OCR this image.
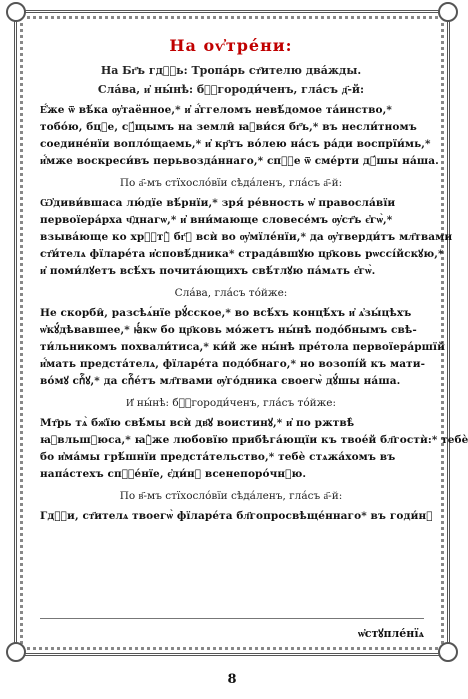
На оѵ҆тре́ни:
На Бг҃ъ гдⷭ҇ь: Тропа́рь ст҃ителю два́жды.
Сла́ва, и҆ ны́нѣ: бⷪ҇городи́ченъ, гла́съ д҃-й:
Е҆́же ѿ вѣ́ка ѹ҆таённое,* и҆ а҆́ггеломъ невѣ́домое та́инство,*
тобо́ю, бцⷣе, сꙋ́щымъ на земли̑ ꙗ҆ви́ся бг҃ъ,* въ несли́тномъ
соедине́нїи вопло́щаемь,* и҆ кр҃тъ во́лею на́съ ра́ди воспрїи́мь,*
и҆́мже воскреси́въ перьвозда́ннаго,* спⷭ҇е ѿ сме́рти дꙋ́шы на́ша.
По а҃-мъ стїхосло́вїи сѣда́ленъ, гла́съ а҃-й:
Ѡ҆диви́вшаса лю́дїе вѣ́рнїи,* зря́ ре́вность ѡ҆ правосла́вїи
первоїера́рха ч҃днагѡ,* и҆ вни́мающе словесе́мъ ѹ҆ст҃ъ є҆гѡ̀,*
взыва́юще ко хрⷭ҇тꙋ̀ бг҃ꙋ всѝ во ѹ҆мїле́нїи,* да ѹ҆тверди́тъ мл҃твами
ст҃и́телѧ фїларе́та и҆сповѣ́дника* страда́вшꙋю цр҃ковь рѡссі́йскꙋю,*
и҆ поми́лꙋетъ всѣ́хъ почита́ющихъ свѣ́тлꙋю па́мѧть є҆гѡ̀.
Сла́ва, гла́съ то́йже:
Не скорби̑, разсѣѧ́нїе рꙋ́сское,* во всѣ́хъ концѣ́хъ и҆ ѧ҆зы́цѣхъ
ѡ҆кꙋ́дѣвавшее,* ꙗ҆́кѡ бо цр҃ковь мо́жетъ ны́нѣ подо́бнымъ свѣ-
ти́льникомъ похвали́тиса,* ки́й же ны́нѣ пре́тола первоїера́ршїй
и҆́мать предста́телѧ, фїларе́та подо́бнаго,* но возопі́й къ мати-
во́мꙋ спⷭ҇ꙋ,* да спⷭ҇е́тъ мл҃твами ѹ҆го́дника своегѡ̀ дꙋ́шы на́ша.
И҆ ны́нѣ: бⷪ҇городи́ченъ, гла́съ то́йже:
Мт҃рь тѧ̀ бж҃їю свѣ́мы всѝ дв҃ꙋ воистинꙋ,* и҆ по ржтвѣ̀
ꙗ҆вльшꙋюса,* ꙗ҆̀же люб́овїю прибѣга́ющїи къ твое́й бл҃гостѝ:* тебѐ
бо и҆ма́мы грѣ́шнїи предста́тельство,* тебѐ стѧжа́хомъ въ
напа́стехъ спⷭ҇е́нїе, є҆ди́нꙋ всенепоро́чнꙋю.
По в҃-мъ стїхосло́вїи сѣда́ленъ, гла́съ а҃-й:
Гдⷭ҇и, ст҃ителѧ твоегѡ̀ фїларе́та бл҃гопросвѣще́ннаго* въ годи́нꙋ
ѡ҆стꙋпле́нїѧ
8
